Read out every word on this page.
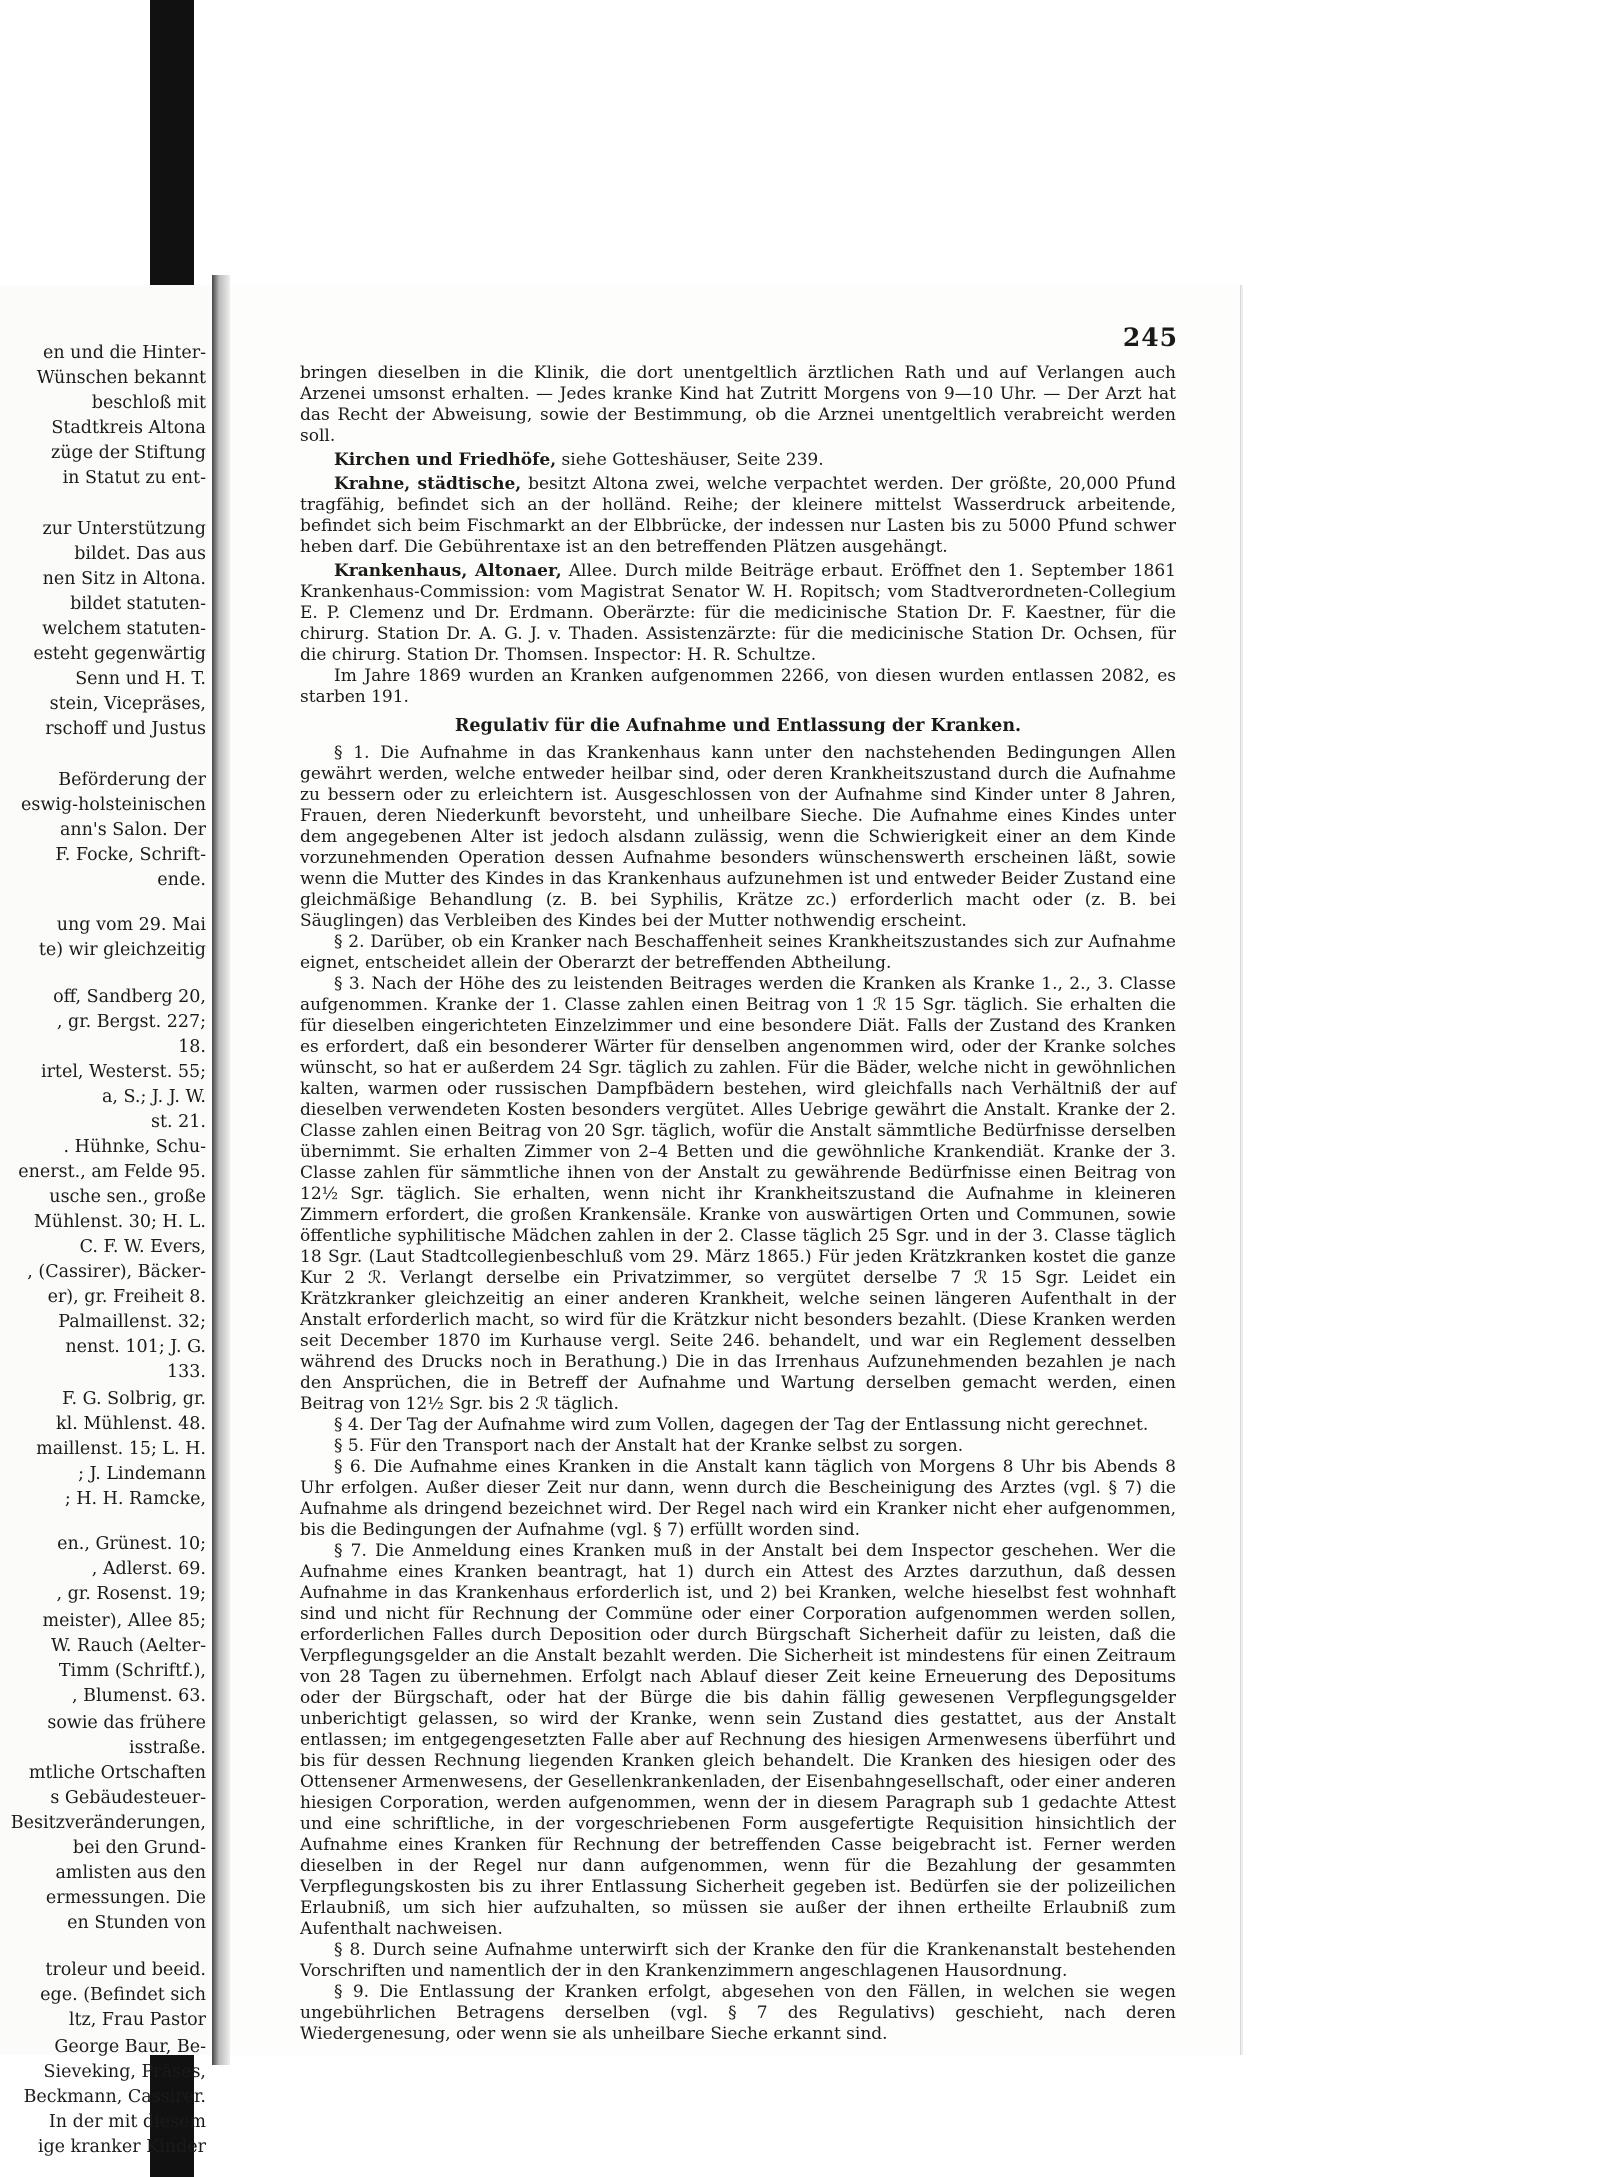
en und die Hinter-
Wünschen bekannt
beschloß mit
Stadtkreis Altona
züge der Stiftung
in Statut zu ent-
zur Unterstützung
bildet. Das aus
nen Sitz in Altona.
bildet statuten-
welchem statuten-
esteht gegenwärtig
Senn und H. T.
stein, Vicepräses,
rschoff und Justus
Beförderung der
eswig-holsteinischen
ann's Salon. Der
F. Focke, Schrift-
ende.
ung vom 29. Mai
te) wir gleichzeitig
off, Sandberg 20,
, gr. Bergst. 227;
18.
irtel, Westerst. 55;
a, S.; J. J. W.
st. 21.
. Hühnke, Schu-
enerst., am Felde 95.
usche sen., große
Mühlenst. 30; H. L.
C. F. W. Evers,
, (Cassirer), Bäcker-
er), gr. Freiheit 8.
Palmaillenst. 32;
nenst. 101; J. G.
133.
F. G. Solbrig, gr.
kl. Mühlenst. 48.
maillenst. 15; L. H.
; J. Lindemann
; H. H. Ramcke,
en., Grünest. 10;
, Adlerst. 69.
, gr. Rosenst. 19;
meister), Allee 85;
W. Rauch (Aelter-
Timm (Schriftf.),
, Blumenst. 63.
sowie das frühere
isstraße.
mtliche Ortschaften
s Gebäudesteuer-
Besitzveränderungen,
bei den Grund-
amlisten aus den
ermessungen. Die
en Stunden von
troleur und beeid.
ege. (Befindet sich
ltz, Frau Pastor
George Baur, Be-
Sieveking, Präses,
Beckmann, Cassirer.
In der mit diesem
ige kranker Kinder
245

bringen dieselben in die Klinik, die dort unentgeltlich ärztlichen Rath und auf Verlangen auch Arzenei umsonst erhalten. — Jedes kranke Kind hat Zutritt Morgens von 9—10 Uhr. — Der Arzt hat das Recht der Abweisung, sowie der Bestimmung, ob die Arznei unentgeltlich verabreicht werden soll.

Kirchen und Friedhöfe, siehe Gotteshäuser, Seite 239.

Krahne, städtische, besitzt Altona zwei, welche verpachtet werden. Der größte, 20,000 Pfund tragfähig, befindet sich an der holländ. Reihe; der kleinere mittelst Wasserdruck arbeitende, befindet sich beim Fischmarkt an der Elbbrücke, der indessen nur Lasten bis zu 5000 Pfund schwer heben darf. Die Gebührentaxe ist an den betreffenden Plätzen ausgehängt.

Krankenhaus, Altonaer, Allee. Durch milde Beiträge erbaut. Eröffnet den 1. September 1861 Krankenhaus-Commission: vom Magistrat Senator W. H. Ropitsch; vom Stadtverordneten-Collegium E. P. Clemenz und Dr. Erdmann. Oberärzte: für die medicinische Station Dr. F. Kaestner, für die chirurg. Station Dr. A. G. J. v. Thaden. Assistenzärzte: für die medicinische Station Dr. Ochsen, für die chirurg. Station Dr. Thomsen. Inspector: H. R. Schultze.

Im Jahre 1869 wurden an Kranken aufgenommen 2266, von diesen wurden entlassen 2082, es starben 191.

Regulativ für die Aufnahme und Entlassung der Kranken.

§ 1. Die Aufnahme in das Krankenhaus kann unter den nachstehenden Bedingungen Allen gewährt werden, welche entweder heilbar sind, oder deren Krankheitszustand durch die Aufnahme zu bessern oder zu erleichtern ist. Ausgeschlossen von der Aufnahme sind Kinder unter 8 Jahren, Frauen, deren Niederkunft bevorsteht, und unheilbare Sieche. Die Aufnahme eines Kindes unter dem angegebenen Alter ist jedoch alsdann zulässig, wenn die Schwierigkeit einer an dem Kinde vorzunehmenden Operation dessen Aufnahme besonders wünschenswerth erscheinen läßt, sowie wenn die Mutter des Kindes in das Krankenhaus aufzunehmen ist und entweder Beider Zustand eine gleichmäßige Behandlung (z. B. bei Syphilis, Krätze zc.) erforderlich macht oder (z. B. bei Säuglingen) das Verbleiben des Kindes bei der Mutter nothwendig erscheint.

§ 2. Darüber, ob ein Kranker nach Beschaffenheit seines Krankheitszustandes sich zur Aufnahme eignet, entscheidet allein der Oberarzt der betreffenden Abtheilung.

§ 3. Nach der Höhe des zu leistenden Beitrages werden die Kranken als Kranke 1., 2., 3. Classe aufgenommen. Kranke der 1. Classe zahlen einen Beitrag von 1 ℛ 15 Sgr. täglich. Sie erhalten die für dieselben eingerichteten Einzelzimmer und eine besondere Diät. Falls der Zustand des Kranken es erfordert, daß ein besonderer Wärter für denselben angenommen wird, oder der Kranke solches wünscht, so hat er außerdem 24 Sgr. täglich zu zahlen. Für die Bäder, welche nicht in gewöhnlichen kalten, warmen oder russischen Dampfbädern bestehen, wird gleichfalls nach Verhältniß der auf dieselben verwendeten Kosten besonders vergütet. Alles Uebrige gewährt die Anstalt. Kranke der 2. Classe zahlen einen Beitrag von 20 Sgr. täglich, wofür die Anstalt sämmtliche Bedürfnisse derselben übernimmt. Sie erhalten Zimmer von 2–4 Betten und die gewöhnliche Krankendiät. Kranke der 3. Classe zahlen für sämmtliche ihnen von der Anstalt zu gewährende Bedürfnisse einen Beitrag von 12½ Sgr. täglich. Sie erhalten, wenn nicht ihr Krankheitszustand die Aufnahme in kleineren Zimmern erfordert, die großen Krankensäle. Kranke von auswärtigen Orten und Communen, sowie öffentliche syphilitische Mädchen zahlen in der 2. Classe täglich 25 Sgr. und in der 3. Classe täglich 18 Sgr. (Laut Stadtcollegienbeschluß vom 29. März 1865.) Für jeden Krätzkranken kostet die ganze Kur 2 ℛ. Verlangt derselbe ein Privatzimmer, so vergütet derselbe 7 ℛ 15 Sgr. Leidet ein Krätzkranker gleichzeitig an einer anderen Krankheit, welche seinen längeren Aufenthalt in der Anstalt erforderlich macht, so wird für die Krätzkur nicht besonders bezahlt. (Diese Kranken werden seit December 1870 im Kurhause vergl. Seite 246. behandelt, und war ein Reglement desselben während des Drucks noch in Berathung.) Die in das Irrenhaus Aufzunehmenden bezahlen je nach den Ansprüchen, die in Betreff der Aufnahme und Wartung derselben gemacht werden, einen Beitrag von 12½ Sgr. bis 2 ℛ täglich.

§ 4. Der Tag der Aufnahme wird zum Vollen, dagegen der Tag der Entlassung nicht gerechnet.

§ 5. Für den Transport nach der Anstalt hat der Kranke selbst zu sorgen.

§ 6. Die Aufnahme eines Kranken in die Anstalt kann täglich von Morgens 8 Uhr bis Abends 8 Uhr erfolgen. Außer dieser Zeit nur dann, wenn durch die Bescheinigung des Arztes (vgl. § 7) die Aufnahme als dringend bezeichnet wird. Der Regel nach wird ein Kranker nicht eher aufgenommen, bis die Bedingungen der Aufnahme (vgl. § 7) erfüllt worden sind.

§ 7. Die Anmeldung eines Kranken muß in der Anstalt bei dem Inspector geschehen. Wer die Aufnahme eines Kranken beantragt, hat 1) durch ein Attest des Arztes darzuthun, daß dessen Aufnahme in das Krankenhaus erforderlich ist, und 2) bei Kranken, welche hieselbst fest wohnhaft sind und nicht für Rechnung der Commüne oder einer Corporation aufgenommen werden sollen, erforderlichen Falles durch Deposition oder durch Bürgschaft Sicherheit dafür zu leisten, daß die Verpflegungsgelder an die Anstalt bezahlt werden. Die Sicherheit ist mindestens für einen Zeitraum von 28 Tagen zu übernehmen. Erfolgt nach Ablauf dieser Zeit keine Erneuerung des Depositums oder der Bürgschaft, oder hat der Bürge die bis dahin fällig gewesenen Verpflegungsgelder unberichtigt gelassen, so wird der Kranke, wenn sein Zustand dies gestattet, aus der Anstalt entlassen; im entgegengesetzten Falle aber auf Rechnung des hiesigen Armenwesens überführt und bis für dessen Rechnung liegenden Kranken gleich behandelt. Die Kranken des hiesigen oder des Ottensener Armenwesens, der Gesellenkrankenladen, der Eisenbahngesellschaft, oder einer anderen hiesigen Corporation, werden aufgenommen, wenn der in diesem Paragraph sub 1 gedachte Attest und eine schriftliche, in der vorgeschriebenen Form ausgefertigte Requisition hinsichtlich der Aufnahme eines Kranken für Rechnung der betreffenden Casse beigebracht ist. Ferner werden dieselben in der Regel nur dann aufgenommen, wenn für die Bezahlung der gesammten Verpflegungskosten bis zu ihrer Entlassung Sicherheit gegeben ist. Bedürfen sie der polizeilichen Erlaubniß, um sich hier aufzuhalten, so müssen sie außer der ihnen ertheilte Erlaubniß zum Aufenthalt nachweisen.

§ 8. Durch seine Aufnahme unterwirft sich der Kranke den für die Krankenanstalt bestehenden Vorschriften und namentlich der in den Krankenzimmern angeschlagenen Hausordnung.

§ 9. Die Entlassung der Kranken erfolgt, abgesehen von den Fällen, in welchen sie wegen ungebührlichen Betragens derselben (vgl. § 7 des Regulativs) geschieht, nach deren Wiedergenesung, oder wenn sie als unheilbare Sieche erkannt sind.
